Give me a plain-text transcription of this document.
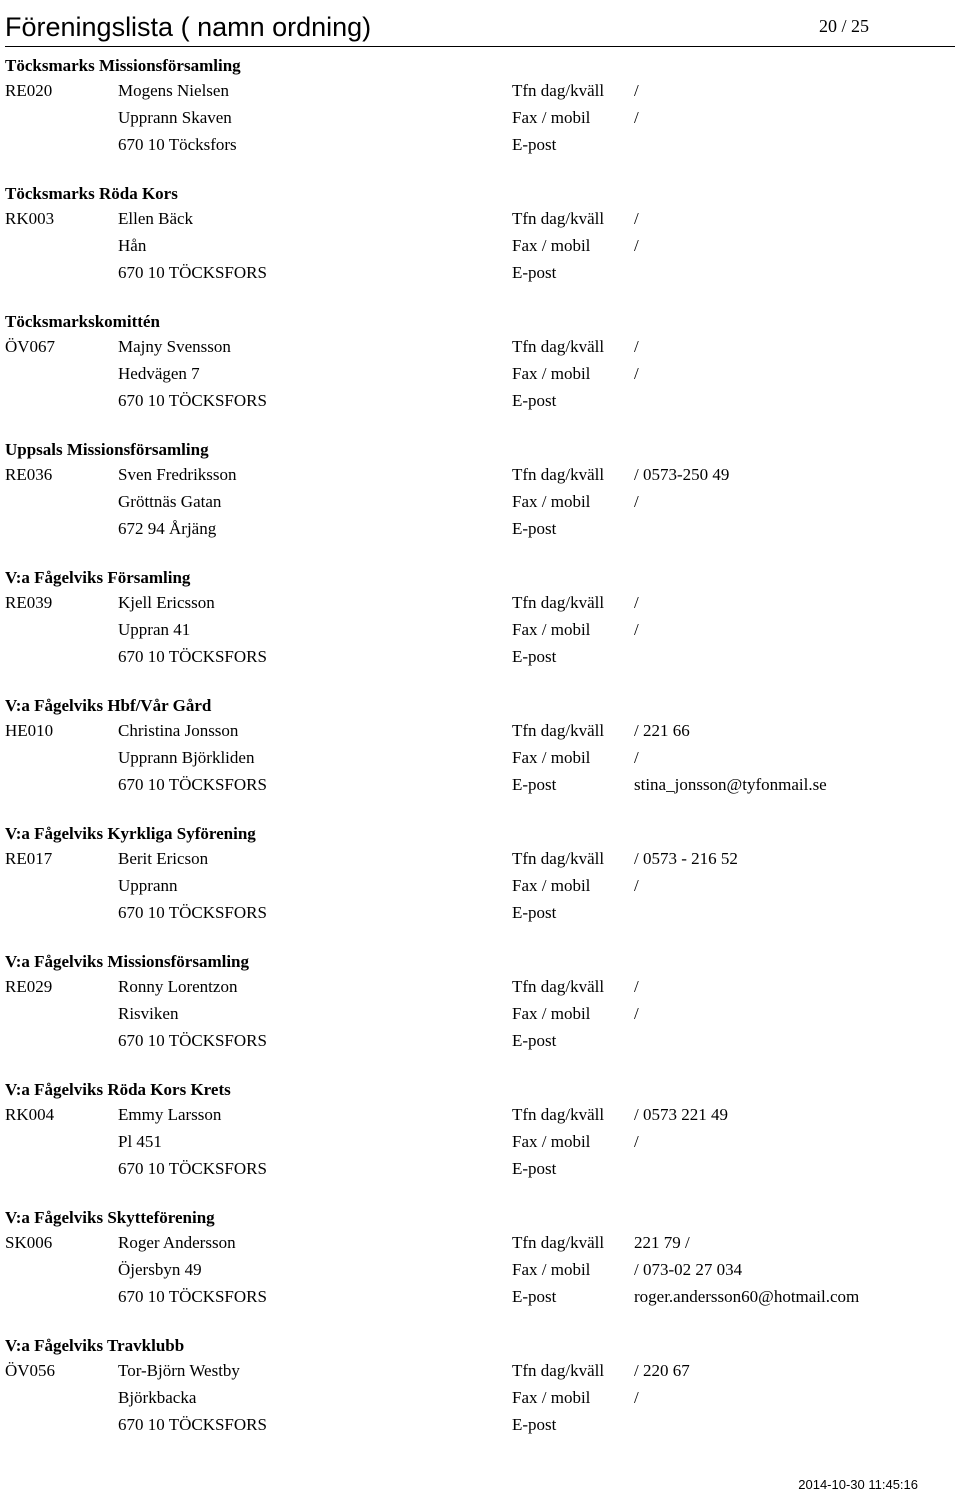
Föreningslista ( namn ordning)	20 / 25
Töcksmarks Missionsförsamling
RE020	Mogens Nielsen	Tfn dag/kväll /
Upprann Skaven	Fax / mobil	/
670 10 Töcksfors	E-post
Töcksmarks Röda Kors
RK003	Ellen Bäck	Tfn dag/kväll /
Hån	Fax / mobil	/
670 10 TÖCKSFORS	E-post
Töcksmarkskomittén
ÖV067	Majny Svensson	Tfn dag/kväll /
Hedvägen 7	Fax / mobil	/
670 10 TÖCKSFORS	E-post
Uppsals Missionsförsamling
RE036	Sven Fredriksson	Tfn dag/kväll / 0573-250 49
Gröttnäs Gatan	Fax / mobil	/
672 94 Årjäng	E-post
V:a Fågelviks Församling
RE039	Kjell Ericsson	Tfn dag/kväll /
Uppran 41	Fax / mobil	/
670 10 TÖCKSFORS	E-post
V:a Fågelviks Hbf/Vår Gård
HE010	Christina Jonsson	Tfn dag/kväll / 221 66
Upprann Björkliden	Fax / mobil	/
670 10 TÖCKSFORS	E-post	stina_jonsson@tyfonmail.se
V:a Fågelviks Kyrkliga Syförening
RE017	Berit Ericson	Tfn dag/kväll / 0573 - 216 52
Upprann	Fax / mobil	/
670 10 TÖCKSFORS	E-post
V:a Fågelviks Missionsförsamling
RE029	Ronny Lorentzon	Tfn dag/kväll /
Risviken	Fax / mobil	/
670 10 TÖCKSFORS	E-post
V:a Fågelviks Röda Kors Krets
RK004	Emmy Larsson	Tfn dag/kväll / 0573 221 49
Pl 451	Fax / mobil	/
670 10 TÖCKSFORS	E-post
V:a Fågelviks Skytteförening
SK006	Roger Andersson	Tfn dag/kväll 221 79 /
Öjersbyn 49	Fax / mobil	/ 073-02 27 034
670 10 TÖCKSFORS	E-post	roger.andersson60@hotmail.com
V:a Fågelviks Travklubb
ÖV056	Tor-Björn Westby	Tfn dag/kväll / 220 67
Björkbacka	Fax / mobil	/
670 10 TÖCKSFORS	E-post
2014-10-30 11:45:16
